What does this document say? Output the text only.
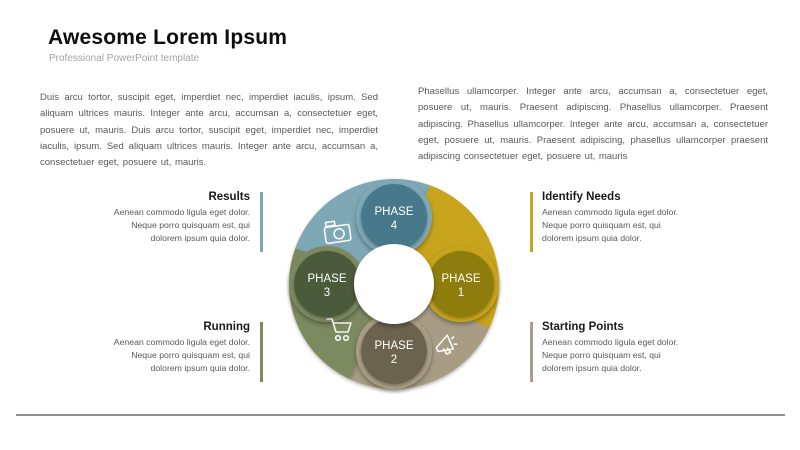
Awesome Lorem Ipsum
Professional PowerPoint template
Duis arcu tortor, suscipit eget, imperdiet nec, imperdiet iaculis, ipsum. Sed aliquam ultrices mauris. Integer ante arcu, accumsan a, consectetuer eget, posuere ut, mauris. Duis arcu tortor, suscipit eget, imperdiet nec, imperdiet iaculis, ipsum. Sed aliquam ultrices mauris. Integer ante arcu, accumsan a, consectetuer eget, posuere ut, mauris.
Phasellus ullamcorper. Integer ante arcu, accumsan a, consectetuer eget, posuere ut, mauris. Praesent adipiscing. Phasellus ullamcorper. Praesent adipiscing. Phasellus ullamcorper. Integer ante arcu, accumsan a, consectetuer eget, posuere ut, mauris. Praesent adipiscing, phasellus ullamcorper praesent adipiscing consectetuer eget, posuere ut, mauris
PHASE
4
PHASE
1
PHASE
2
PHASE
3
Results
Aenean commodo ligula eget dolor. Neque porro quisquam est, qui dolorem ipsum quia dolor.
Identify Needs
Aenean commodo ligula eget dolor. Neque porro quisquam est, qui dolorem ipsum quia dolor.
Running
Aenean commodo ligula eget dolor. Neque porro quisquam est, qui dolorem ipsum quia dolor.
Starting Points
Aenean commodo ligula eget dolor. Neque porro quisquam est, qui dolorem ipsum quia dolor.
